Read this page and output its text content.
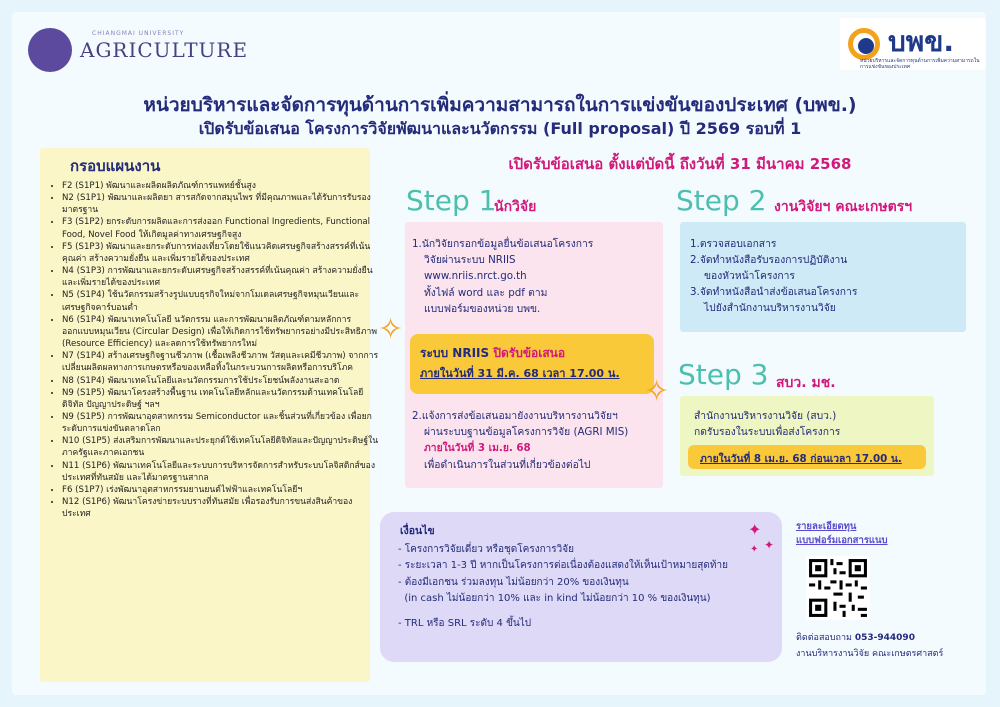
CHIANGMAI UNIVERSITY
AGRICULTURE	บพข.
หน่วยบริหารและจัดการทุนด้านการเพิ่มความสามารถในการแข่งขันของประเทศ
หน่วยบริหารและจัดการทุนด้านการเพิ่มความสามารถในการแข่งขันของประเทศ (บพข.)
เปิดรับข้อเสนอ โครงการวิจัยพัฒนาและนวัตกรรม (Full proposal) ปี 2569 รอบที่ 1
กรอบแผนงาน
• F2 (S1P1) พัฒนาและผลิตผลิตภัณฑ์การแพทย์ชั้นสูง
• N2 (S1P1) พัฒนาและผลิตยา สารสกัดจากสมุนไพร ที่มีคุณภาพและได้รับการรับรองมาตรฐาน
• F3 (S1P2) ยกระดับการผลิตและการส่งออก Functional Ingredients, Functional Food, Novel Food ให้เกิดมูลค่าทางเศรษฐกิจสูง
• F5 (S1P3) พัฒนาและยกระดับการท่องเที่ยวโดยใช้แนวคิดเศรษฐกิจสร้างสรรค์ที่เน้นคุณค่า สร้างความยั่งยืน และเพิ่มรายได้ของประเทศ
• N4 (S1P3) การพัฒนาและยกระดับเศรษฐกิจสร้างสรรค์ที่เน้นคุณค่า สร้างความยั่งยืนและเพิ่มรายได้ของประเทศ
• N5 (S1P4) ใช้นวัตกรรมสร้างรูปแบบธุรกิจใหม่จากโมเดลเศรษฐกิจหมุนเวียนและเศรษฐกิจคาร์บอนต่ำ
• N6 (S1P4) พัฒนาเทคโนโลยี นวัตกรรม และการพัฒนาผลิตภัณฑ์ตามหลักการออกแบบหมุนเวียน (Circular Design) เพื่อให้เกิดการใช้ทรัพยากรอย่างมีประสิทธิภาพ (Resource Efficiency) และลดการใช้ทรัพยากรใหม่
• N7 (S1P4) สร้างเศรษฐกิจฐานชีวภาพ (เชื้อเพลิงชีวภาพ วัสดุและเคมีชีวภาพ) จากการเปลี่ยนผลิตผลทางการเกษตรหรือของเหลือทิ้งในกระบวนการผลิตหรือการบริโภค
• N8 (S1P4) พัฒนาเทคโนโลยีและนวัตกรรมการใช้ประโยชน์พลังงานสะอาด
• N9 (S1P5) พัฒนาโครงสร้างพื้นฐาน เทคโนโลยีหลักและนวัตกรรมด้านเทคโนโลยีดิจิทัล ปัญญาประดิษฐ์ ฯลฯ
• N9 (S1P5) การพัฒนาอุตสาหกรรม Semiconductor และชิ้นส่วนที่เกี่ยวข้อง เพื่อยกระดับการแข่งขันตลาดโลก
• N10 (S1P5) ส่งเสริมการพัฒนาและประยุกต์ใช้เทคโนโลยีดิจิทัลและปัญญาประดิษฐ์ในภาครัฐและภาคเอกชน
• N11 (S1P6) พัฒนาเทคโนโลยีและระบบการบริหารจัดการสำหรับระบบโลจิสติกส์ของประเทศที่ทันสมัย และได้มาตรฐานสากล
• F6 (S1P7) เร่งพัฒนาอุตสาหกรรมยานยนต์ไฟฟ้าและเทคโนโลยีฯ
• N12 (S1P6) พัฒนาโครงข่ายระบบรางที่ทันสมัย เพื่อรองรับการขนส่งสินค้าของประเทศ
เปิดรับข้อเสนอ ตั้งแต่บัดนี้ ถึงวันที่ 31 มีนาคม 2568
Step 1
นักวิจัย
1.นักวิจัยกรอกข้อมูลยื่นข้อเสนอโครงการ
วิจัยผ่านระบบ NRIIS
www.nriis.nrct.go.th
ทั้งไฟล์ word และ pdf ตาม
แบบฟอร์มของหน่วย บพข.
ระบบ NRIIS ปิดรับข้อเสนอ
ภายในวันที่ 31 มี.ค. 68 เวลา 17.00 น.
2.แจ้งการส่งข้อเสนอมายังงานบริหารงานวิจัยฯ
ผ่านระบบฐานข้อมูลโครงการวิจัย (AGRI MIS)
ภายในวันที่ 3 เม.ย. 68
เพื่อดำเนินการในส่วนที่เกี่ยวข้องต่อไป
✧
✧
Step 2 งานวิจัยฯ คณะเกษตรฯ
1.ตรวจสอบเอกสาร
2.จัดทำหนังสือรับรองการปฏิบัติงาน
ของหัวหน้าโครงการ
3.จัดทำหนังสือนำส่งข้อเสนอโครงการ
ไปยังสำนักงานบริหารงานวิจัย
Step 3 สบว. มช.
สำนักงานบริหารงานวิจัย (สบว.)
กดรับรองในระบบเพื่อส่งโครงการ
ภายในวันที่ 8 เม.ย. 68 ก่อนเวลา 17.00 น.
เงื่อนไข
- โครงการวิจัยเดี่ยว หรือชุดโครงการวิจัย
- ระยะเวลา 1-3 ปี หากเป็นโครงการต่อเนื่องต้องแสดงให้เห็นเป้าหมายสุดท้าย
- ต้องมีเอกชน ร่วมลงทุน ไม่น้อยกว่า 20% ของเงินทุน
(in cash ไม่น้อยกว่า 10% และ in kind ไม่น้อยกว่า 10 % ของเงินทุน)
- TRL หรือ SRL ระดับ 4 ขึ้นไป
✦
✦
✦
รายละเอียดทุน
แบบฟอร์มเอกสารแนบ
ติดต่อสอบถาม 053-944090
งานบริหารงานวิจัย คณะเกษตรศาสตร์
